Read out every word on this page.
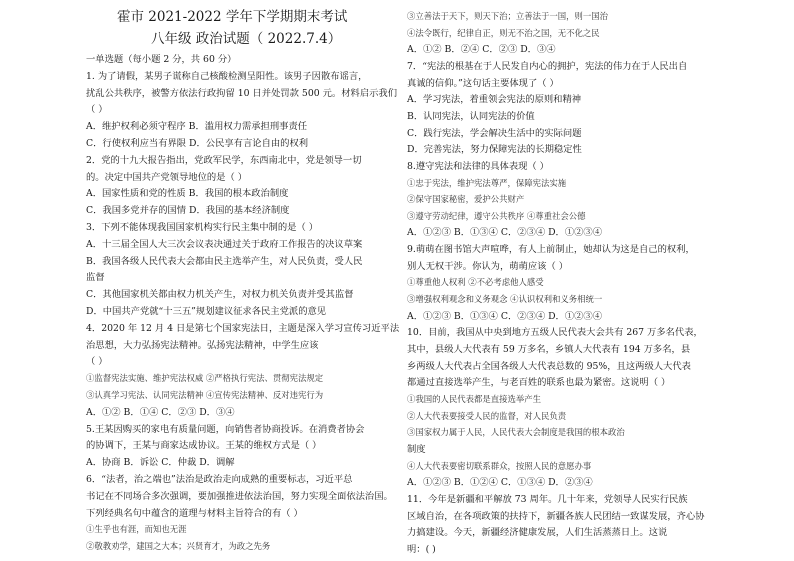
霍市 2021-2022 学年下学期期末考试
八年级 政治试题（ 2022.7.4）
一单选题（每小题 2 分，共 60 分）
1. 为了请假，某男子谎称自己核酸检测呈阳性。该男子因散布谣言，
扰乱公共秩序，被警方依法行政拘留 10 日并处罚款 500 元。材料启示我们
（ ）
A．维护权利必须守程序 B．滥用权力需承担刑事责任
C．行使权利应当有界限 D．公民享有言论自由的权利
2．党的十九大报告指出，党政军民学，东西南北中，党是领导一切
的。决定中国共产党领导地位的是（ ）
A．国家性质和党的性质 B．我国的根本政治制度
C．我国多党并存的国情 D．我国的基本经济制度
3．下列不能体现我国国家机构实行民主集中制的是（ ）
A．十三届全国人大三次会议表决通过关于政府工作报告的决议草案
B．我国各级人民代表大会都由民主选举产生，对人民负责，受人民
监督
C．其他国家机关都由权力机关产生，对权力机关负责并受其监督
D．中国共产党就“十三五”规划建议征求各民主党派的意见
4．2020 年 12 月 4 日是第七个国家宪法日，主题是深入学习宣传习近平法
治思想，大力弘扬宪法精神。弘扬宪法精神，中学生应该
（ ）
①监督宪法实施、维护宪法权威 ②严格执行宪法、贯彻宪法规定
③认真学习宪法、认同宪法精神 ④宣传宪法精神、反对违宪行为
A．①② B．①④ C．②③ D．③④
5.王某因购买的家电有质量问题，向销售者协商投诉。在消费者协会
的协调下，王某与商家达成协议。王某的维权方式是（ ）
A．协商 B．诉讼 C．仲裁 D．调解
6．“法者，治之端也”法治是政治走向成熟的重要标志，习近平总
书记在不同场合多次强调，要加强推进依法治国，努力实现全面依法治国。
下列经典名句中蕴含的道理与材料主旨符合的有（ ）
①生乎也有涯，而知也无涯
②敬教劝学，建国之大本；兴贤育才，为政之先务
③立善法于天下，则天下治；立善法于一国，则一国治
④法令既行，纪律自正，则无不治之国，无不化之民
A．①② B．②④ C．②③ D．③④
7．“宪法的根基在于人民发自内心的拥护，宪法的伟力在于人民出自
真诚的信仰。”这句话主要体现了（ ）
A．学习宪法，着重领会宪法的原则和精神
B．认同宪法，认同宪法的价值
C．践行宪法，学会解决生活中的实际问题
D．完善宪法，努力保障宪法的长期稳定性
8.遵守宪法和法律的具体表现（ ）
①忠于宪法，维护宪法尊严，保障宪法实施
②保守国家秘密，爱护公共财产
③遵守劳动纪律，遵守公共秩序 ④尊重社会公德
A．①②③ B．①③④ C．②③④ D．①②③④
9.萌萌在图书馆大声喧哗，有人上前制止，她却认为这是自己的权利，
别人无权干涉。你认为，萌萌应该（ ）
①尊重他人权利 ②不必考虑他人感受
③增强权利观念和义务观念 ④认识权利和义务相统一
A．①②③ B．①③④ C．②③④ D．①②③④
10．目前，我国从中央到地方五级人民代表大会共有 267 万多名代表，
其中，县级人大代表有 59 万多名，乡镇人大代表有 194 万多名，县
乡两级人大代表占全国各级人大代表总数的 95%，且这两级人大代表
都通过直接选举产生，与老百姓的联系也最为紧密。这说明（ ）
①我国的人民代表都是直接选举产生
②人大代表要接受人民的监督，对人民负责
③国家权力属于人民，人民代表大会制度是我国的根本政治
制度
④人大代表要密切联系群众，按照人民的意愿办事
A．①②③ B．①②④ C．①③④ D．②③④
11．今年是新疆和平解放 73 周年。几十年来，党领导人民实行民族
区域自治，在各项政策的扶持下，新疆各族人民团结一致谋发展，齐心协
力搞建设。今天，新疆经济健康发展，人们生活蒸蒸日上。这说
明：( )
